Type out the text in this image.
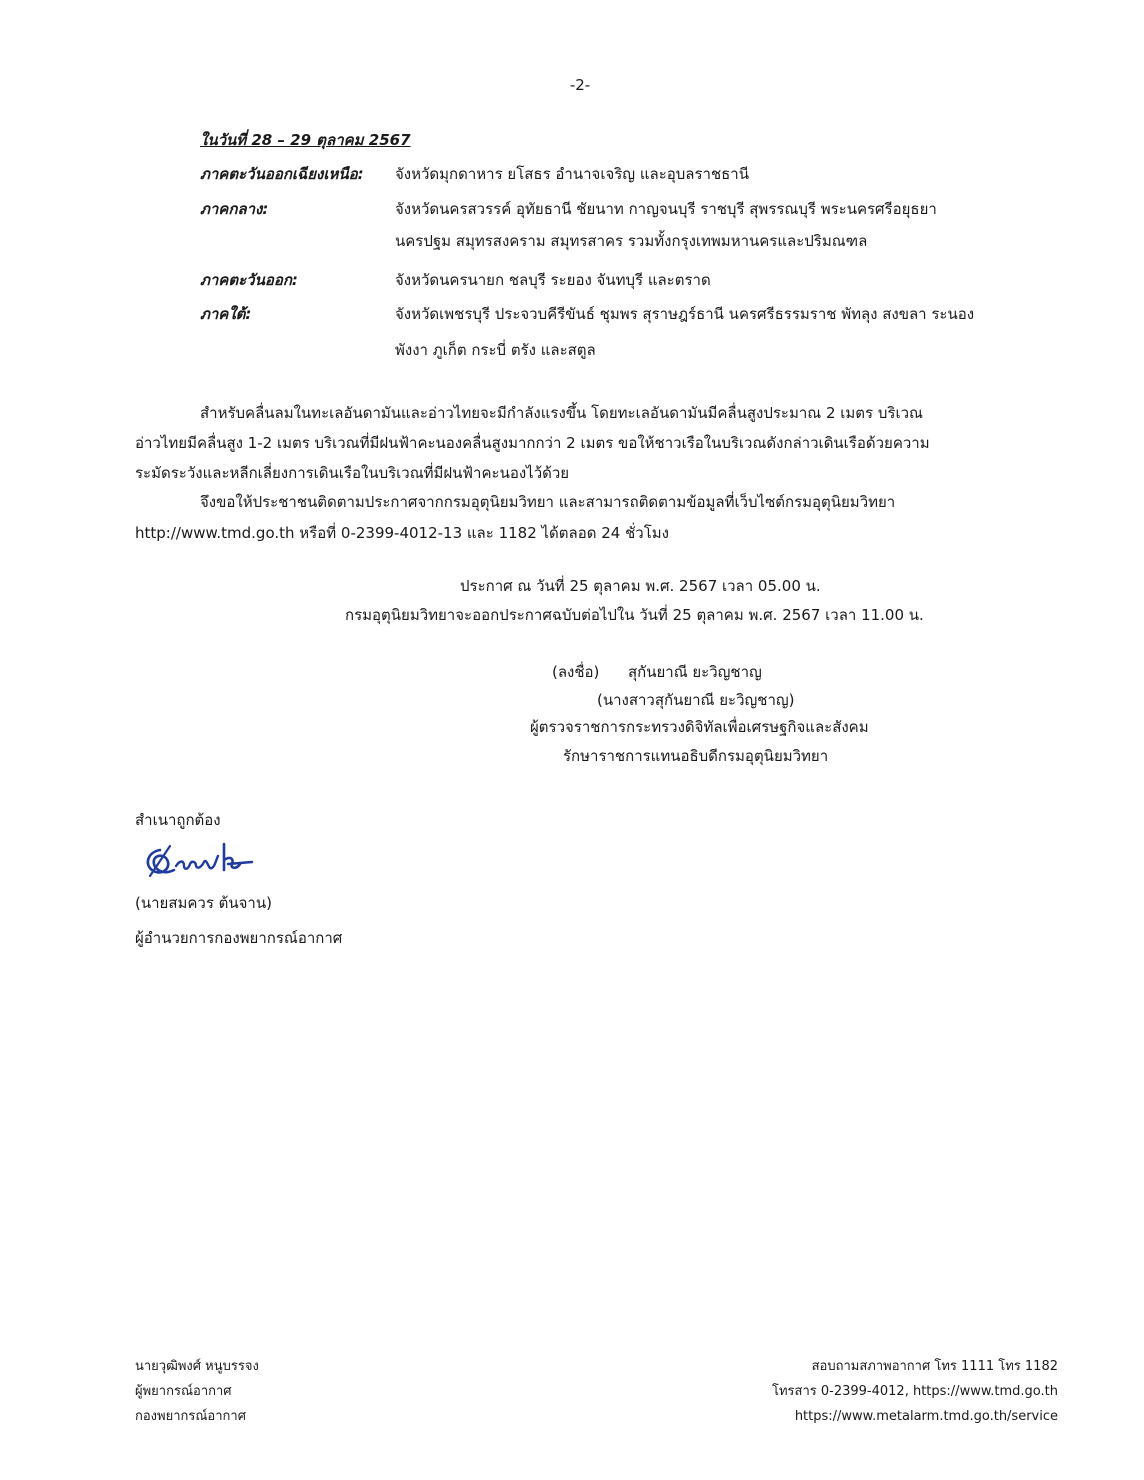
-2-
ในวันที่ 28 – 29 ตุลาคม 2567
ภาคตะวันออกเฉียงเหนือ: จังหวัดมุกดาหาร ยโสธร อำนาจเจริญ และอุบลราชธานี
ภาคกลาง:	จังหวัดนครสวรรค์ อุทัยธานี ชัยนาท กาญจนบุรี ราชบุรี สุพรรณบุรี พระนครศรีอยุธยา
นครปฐม สมุทรสงคราม สมุทรสาคร รวมทั้งกรุงเทพมหานครและปริมณฑล
ภาคตะวันออก:	จังหวัดนครนายก ชลบุรี ระยอง จันทบุรี และตราด
ภาคใต้:	จังหวัดเพชรบุรี ประจวบคีรีขันธ์ ชุมพร สุราษฎร์ธานี นครศรีธรรมราช พัทลุง สงขลา ระนอง
พังงา ภูเก็ต กระบี่ ตรัง และสตูล
สำหรับคลื่นลมในทะเลอันดามันและอ่าวไทยจะมีกำลังแรงขึ้น โดยทะเลอันดามันมีคลื่นสูงประมาณ 2 เมตร บริเวณ
อ่าวไทยมีคลื่นสูง 1-2 เมตร บริเวณที่มีฝนฟ้าคะนองคลื่นสูงมากกว่า 2 เมตร ขอให้ชาวเรือในบริเวณดังกล่าวเดินเรือด้วยความ
ระมัดระวังและหลีกเลี่ยงการเดินเรือในบริเวณที่มีฝนฟ้าคะนองไว้ด้วย
จึงขอให้ประชาชนติดตามประกาศจากกรมอุตุนิยมวิทยา และสามารถติดตามข้อมูลที่เว็บไซต์กรมอุตุนิยมวิทยา
http://www.tmd.go.th หรือที่ 0-2399-4012-13 และ 1182 ได้ตลอด 24 ชั่วโมง
ประกาศ ณ วันที่ 25 ตุลาคม พ.ศ. 2567 เวลา 05.00 น.
กรมอุตุนิยมวิทยาจะออกประกาศฉบับต่อไปใน วันที่ 25 ตุลาคม พ.ศ. 2567 เวลา 11.00 น.
(ลงชื่อ) สุกันยาณี ยะวิญชาญ
(นางสาวสุกันยาณี ยะวิญชาญ)
ผู้ตรวจราชการกระทรวงดิจิทัลเพื่อเศรษฐกิจและสังคม
รักษาราชการแทนอธิบดีกรมอุตุนิยมวิทยา
สำเนาถูกต้อง
(นายสมควร ต้นจาน)
ผู้อำนวยการกองพยากรณ์อากาศ
นายวุฒิพงศ์ หนูบรรจง
ผู้พยากรณ์อากาศ
กองพยากรณ์อากาศ
สอบถามสภาพอากาศ โทร 1111 โทร 1182
โทรสาร 0-2399-4012, https://www.tmd.go.th
https://www.metalarm.tmd.go.th/service
